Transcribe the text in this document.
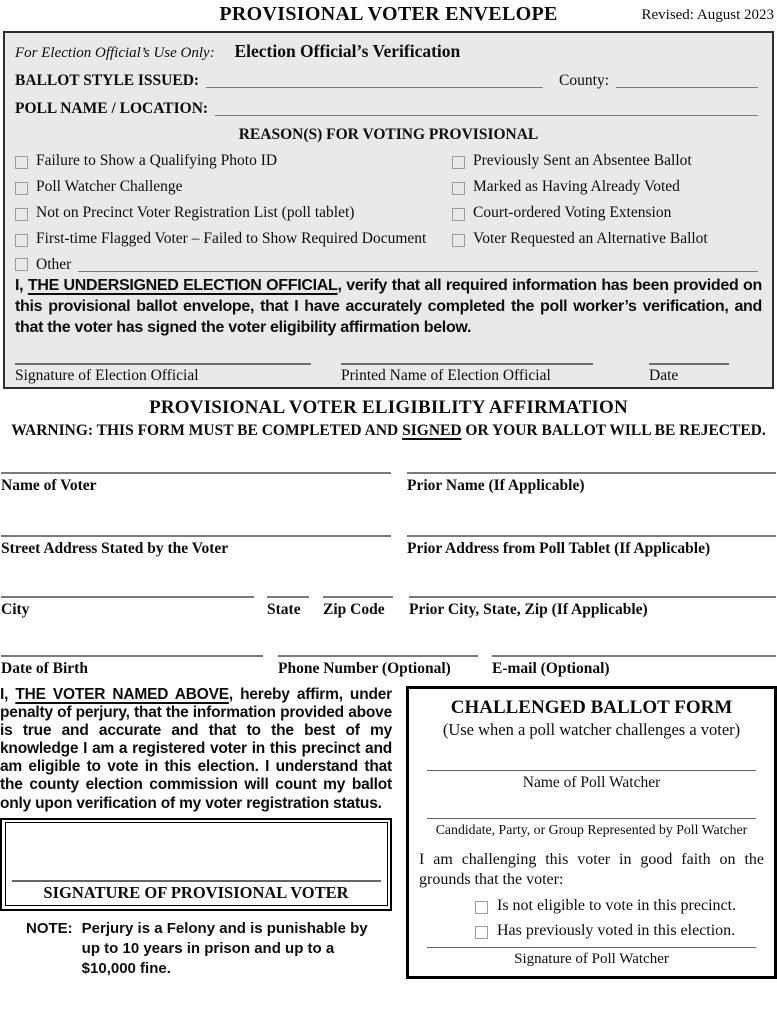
PROVISIONAL VOTER ENVELOPE	Revised: August 2023
For Election Official’s Use Only: Election Official’s Verification
BALLOT STYLE ISSUED:	County:
POLL NAME / LOCATION:
REASON(S) FOR VOTING PROVISIONAL
Failure to Show a Qualifying Photo ID	Previously Sent an Absentee Ballot
Poll Watcher Challenge	Marked as Having Already Voted
Not on Precinct Voter Registration List (poll tablet)	Court-ordered Voting Extension
First-time Flagged Voter – Failed to Show Required Document	Voter Requested an Alternative Ballot
Other
I, THE UNDERSIGNED ELECTION OFFICIAL, verify that all required information has been provided on this provisional ballot envelope, that I have accurately completed the poll worker’s verification, and that the voter has signed the voter eligibility affirmation below.
Signature of Election Official	Printed Name of Election Official	Date
PROVISIONAL VOTER ELIGIBILITY AFFIRMATION
WARNING: THIS FORM MUST BE COMPLETED AND SIGNED OR YOUR BALLOT WILL BE REJECTED.
Name of Voter	Prior Name (If Applicable)
Street Address Stated by the Voter	Prior Address from Poll Tablet (If Applicable)
City	State	Zip Code	Prior City, State, Zip (If Applicable)
Date of Birth	Phone Number (Optional)	E-mail (Optional)
I, THE VOTER NAMED ABOVE, hereby affirm, under penalty of perjury, that the information provided above is true and accurate and that to the best of my knowledge I am a registered voter in this precinct and am eligible to vote in this election. I understand that the county election commission will count my ballot only upon verification of my voter registration status.
SIGNATURE OF PROVISIONAL VOTER
NOTE: Perjury is a Felony and is punishable by up to 10 years in prison and up to a $10,000 fine.
CHALLENGED BALLOT FORM
(Use when a poll watcher challenges a voter)
Name of Poll Watcher
Candidate, Party, or Group Represented by Poll Watcher
I am challenging this voter in good faith on the grounds that the voter:
Is not eligible to vote in this precinct.
Has previously voted in this election.
Signature of Poll Watcher
